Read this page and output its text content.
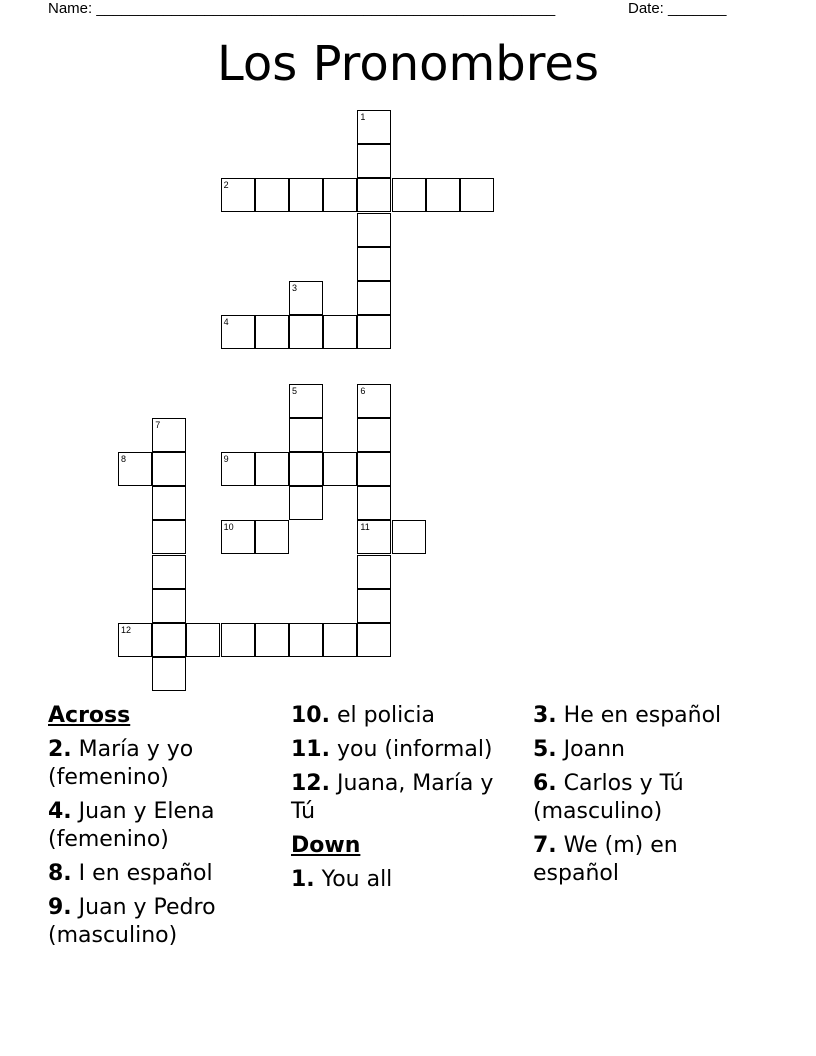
Name: _______________________________________________________	Date: _______
Los Pronombres
1
2
3
4
5	6
7
8	9
10	11
12
Across
2. María y yo (femenino)
4. Juan y Elena (femenino)
8. I en español
9. Juan y Pedro (masculino)
10. el policia
11. you (informal)
12. Juana, María y Tú
Down
1. You all
3. He en español
5. Joann
6. Carlos y Tú (masculino)
7. We (m) en español
